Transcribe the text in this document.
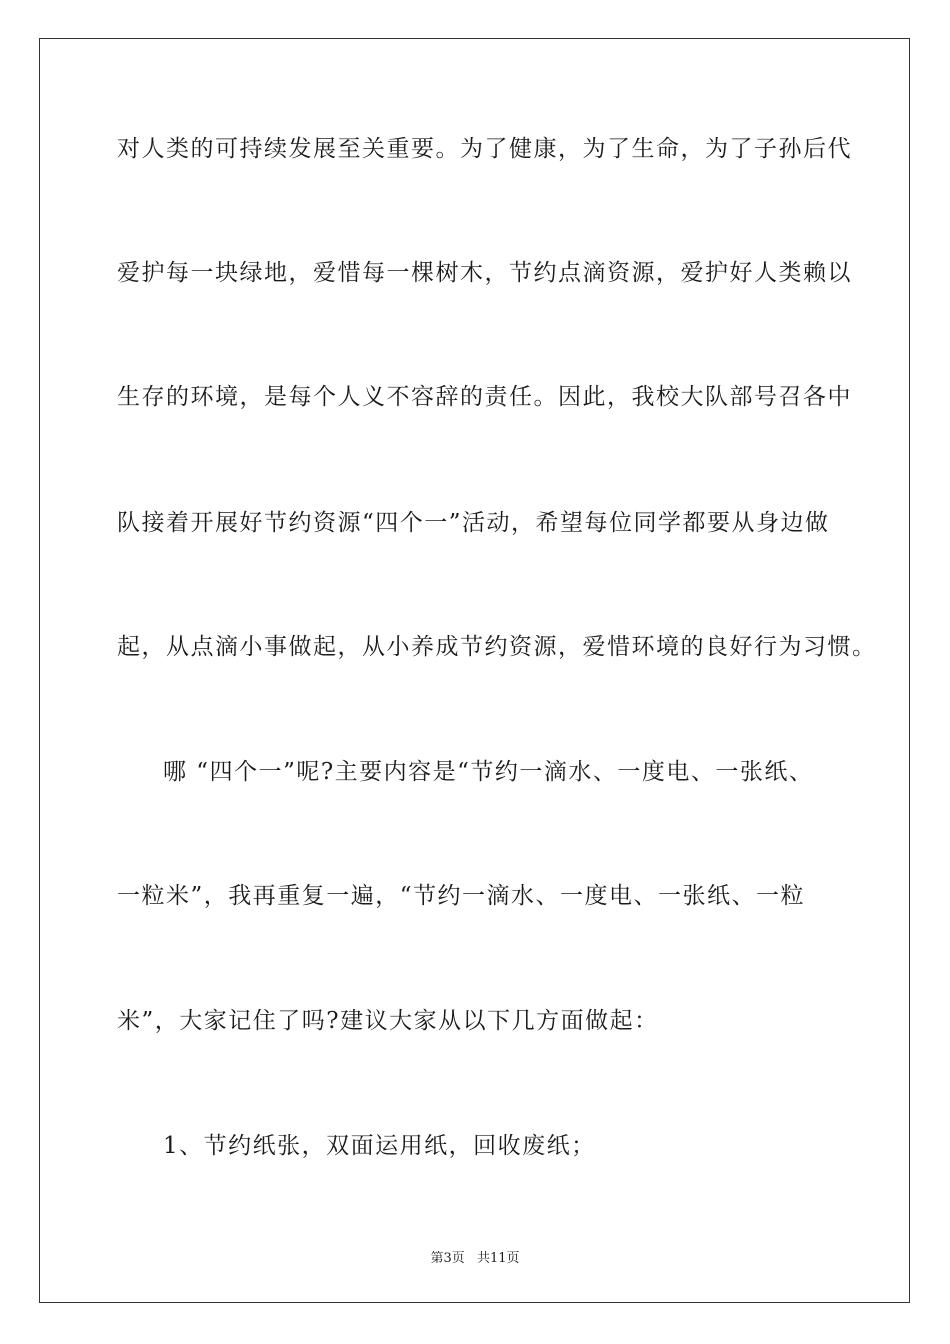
对人类的可持续发展至关重要。为了健康，为了生命，为了子孙后代
爱护每一块绿地，爱惜每一棵树木，节约点滴资源，爱护好人类赖以
生存的环境，是每个人义不容辞的责任。因此，我校大队部号召各中
队接着开展好节约资源“四个一”活动，希望每位同学都要从身边做
起，从点滴小事做起，从小养成节约资源，爱惜环境的良好行为习惯。
哪 “四个一”呢?主要内容是“节约一滴水、一度电、一张纸、
一粒米”，我再重复一遍，“节约一滴水、一度电、一张纸、一粒
米”，大家记住了吗?建议大家从以下几方面做起：
1、节约纸张，双面运用纸，回收废纸；
第3页 共11页
